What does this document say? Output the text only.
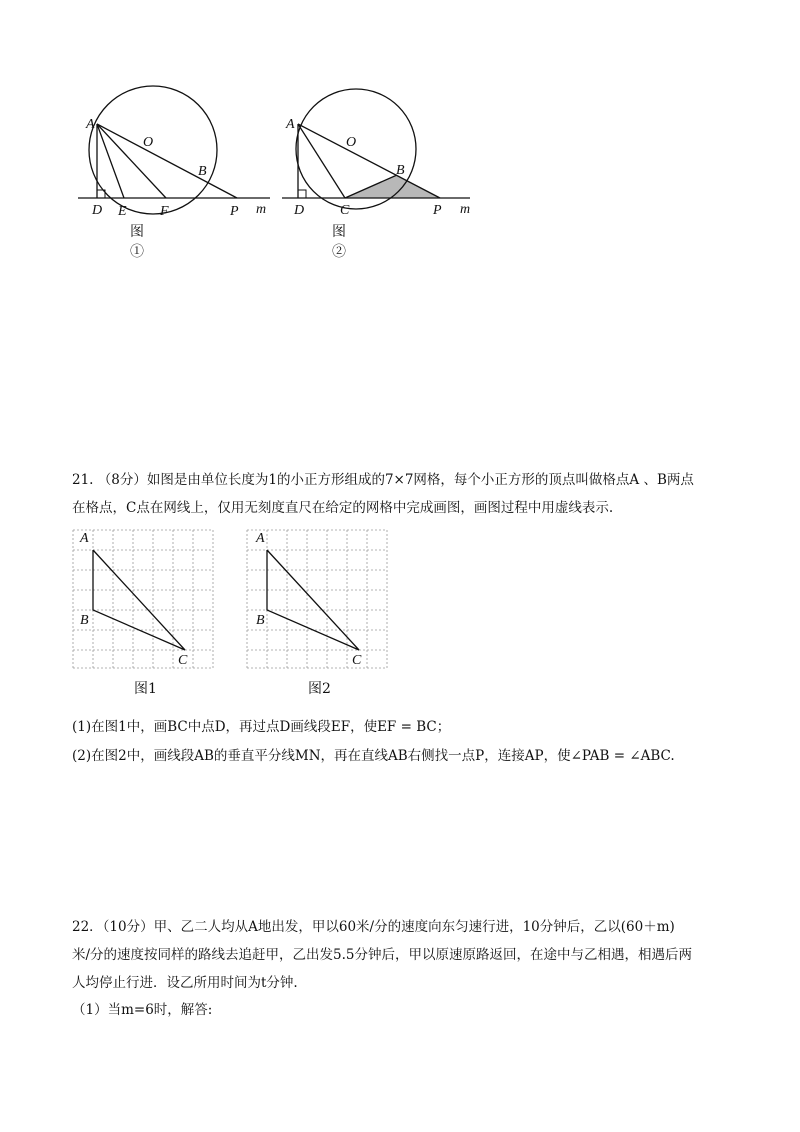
A
O
B
D E F	P m
图①
A
O
B
D	C	P m
图②
21. （8分）如图是由单位长度为1的小正方形组成的7×7网格，每个小正方形的顶点叫做格点A 、B两点
在格点，C点在网线上，仅用无刻度直尺在给定的网格中完成画图，画图过程中用虚线表示.
A
B
C
图1
A
B
C
图2
(1)在图1中，画BC中点D，再过点D画线段EF，使EF = BC；
(2)在图2中，画线段AB的垂直平分线MN，再在直线AB右侧找一点P，连接AP，使∠PAB = ∠ABC.
22．（10分）甲、乙二人均从A地出发，甲以60米/分的速度向东匀速行进，10分钟后，乙以(60＋m)
米/分的速度按同样的路线去追赶甲，乙出发5.5分钟后，甲以原速原路返回，在途中与乙相遇，相遇后两
人均停止行进．设乙所用时间为t分钟.
（1）当m=6时，解答:
